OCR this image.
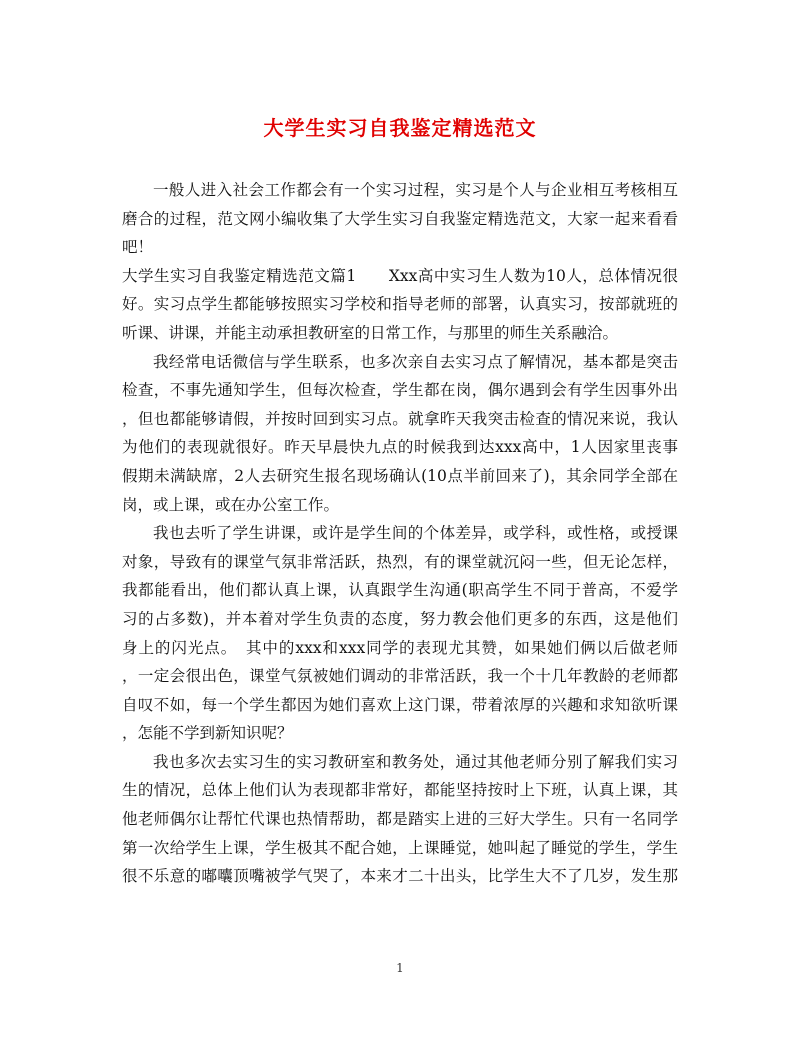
大学生实习自我鉴定精选范文
一般人进入社会工作都会有一个实习过程，实习是个人与企业相互考核相互
磨合的过程，范文网小编收集了大学生实习自我鉴定精选范文，大家一起来看看
吧！
大学生实习自我鉴定精选范文篇1　　Xxx高中实习生人数为10人，总体情况很
好。实习点学生都能够按照实习学校和指导老师的部署，认真实习，按部就班的
听课、讲课，并能主动承担教研室的日常工作，与那里的师生关系融洽。
我经常电话微信与学生联系，也多次亲自去实习点了解情况，基本都是突击
检查，不事先通知学生，但每次检查，学生都在岗，偶尔遇到会有学生因事外出
，但也都能够请假，并按时回到实习点。就拿昨天我突击检查的情况来说，我认
为他们的表现就很好。昨天早晨快九点的时候我到达xxx高中，1人因家里丧事
假期未满缺席，2人去研究生报名现场确认(10点半前回来了)，其余同学全部在
岗，或上课，或在办公室工作。
我也去听了学生讲课，或许是学生间的个体差异，或学科，或性格，或授课
对象，导致有的课堂气氛非常活跃，热烈，有的课堂就沉闷一些，但无论怎样，
我都能看出，他们都认真上课，认真跟学生沟通(职高学生不同于普高，不爱学
习的占多数)，并本着对学生负责的态度，努力教会他们更多的东西，这是他们
身上的闪光点。　其中的xxx和xxx同学的表现尤其赞，如果她们俩以后做老师
，一定会很出色，课堂气氛被她们调动的非常活跃，我一个十几年教龄的老师都
自叹不如，每一个学生都因为她们喜欢上这门课，带着浓厚的兴趣和求知欲听课
，怎能不学到新知识呢？
我也多次去实习生的实习教研室和教务处，通过其他老师分别了解我们实习
生的情况，总体上他们认为表现都非常好，都能坚持按时上下班，认真上课，其
他老师偶尔让帮忙代课也热情帮助，都是踏实上进的三好大学生。只有一名同学
第一次给学生上课，学生极其不配合她，上课睡觉，她叫起了睡觉的学生，学生
很不乐意的嘟囔顶嘴被学气哭了，本来才二十出头，比学生大不了几岁，发生那
1
